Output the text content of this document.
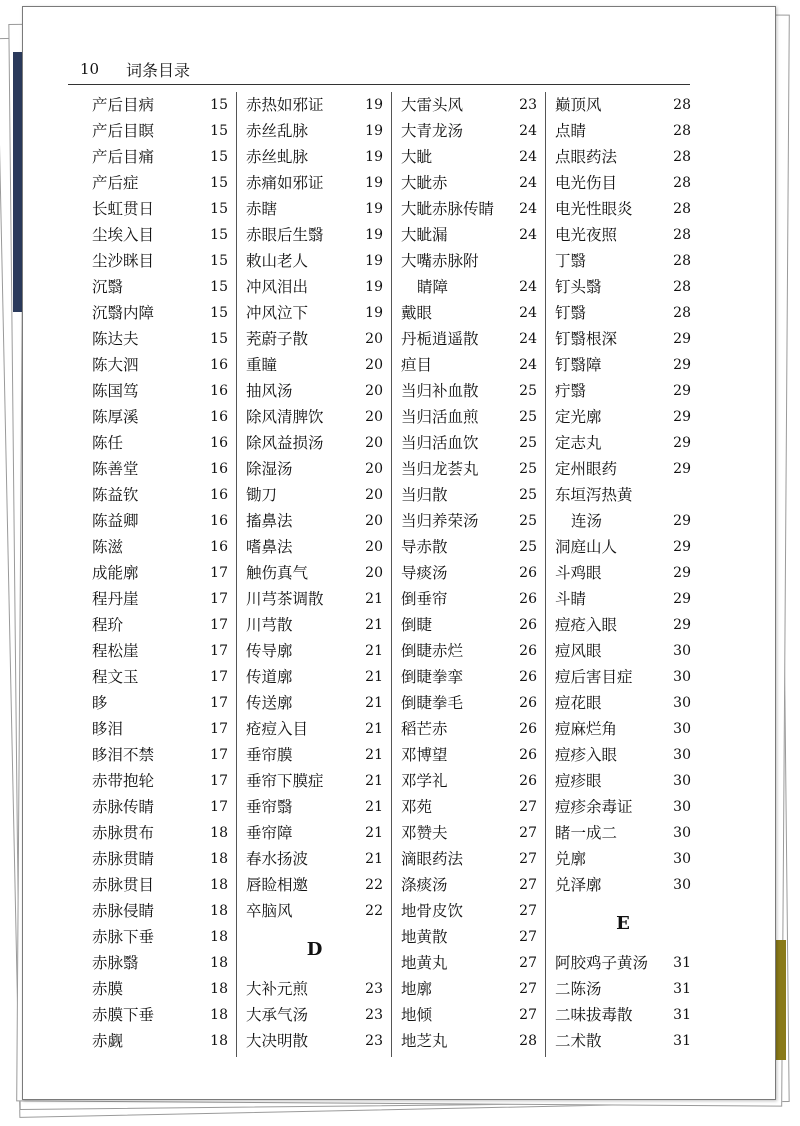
10 词条目录
产后目病	15
产后目瞑	15
产后目痛	15
产后症	15
长虹贯日	15
尘埃入目	15
尘沙眯目	15
沉翳	15
沉翳内障	15
陈达夫	15
陈大泗	16
陈国笃	16
陈厚溪	16
陈任	16
陈善堂	16
陈益钦	16
陈益卿	16
陈滋	16
成能廓	17
程丹崖	17
程玠	17
程松崖	17
程文玉	17
眵	17
眵泪	17
眵泪不禁	17
赤带抱轮	17
赤脉传睛	17
赤脉贯布	18
赤脉贯睛	18
赤脉贯目	18
赤脉侵睛	18
赤脉下垂	18
赤脉翳	18
赤膜	18
赤膜下垂	18
赤觑	18
赤热如邪证	19
赤丝乱脉	19
赤丝虬脉	19
赤痛如邪证	19
赤瞎	19
赤眼后生翳	19
敕山老人	19
冲风泪出	19
冲风泣下	19
茺蔚子散	20
重瞳	20
抽风汤	20
除风清脾饮	20
除风益损汤	20
除湿汤	20
锄刀	20
搐鼻法	20
嗜鼻法	20
触伤真气	20
川芎茶调散	21
川芎散	21
传导廓	21
传道廓	21
传送廓	21
疮痘入目	21
垂帘膜	21
垂帘下膜症	21
垂帘翳	21
垂帘障	21
春水扬波	21
唇睑相邀	22
卒脑风	22
D
大补元煎	23
大承气汤	23
大决明散	23
大雷头风	23
大青龙汤	24
大眦	24
大眦赤	24
大眦赤脉传睛 24
大眦漏	24
大嘴赤脉附
睛障	24
戴眼	24
丹栀逍遥散	24
疸目	24
当归补血散	25
当归活血煎	25
当归活血饮	25
当归龙荟丸	25
当归散	25
当归养荣汤	25
导赤散	25
导痰汤	26
倒垂帘	26
倒睫	26
倒睫赤烂	26
倒睫拳挛	26
倒睫拳毛	26
稻芒赤	26
邓博望	26
邓学礼	26
邓苑	27
邓赞夫	27
滴眼药法	27
涤痰汤	27
地骨皮饮	27
地黄散	27
地黄丸	27
地廓	27
地倾	27
地芝丸	28
巅顶风	28
点睛	28
点眼药法	28
电光伤目	28
电光性眼炎	28
电光夜照	28
丁翳	28
钉头翳	28
钉翳	28
钉翳根深	29
钉翳障	29
疔翳	29
定光廓	29
定志丸	29
定州眼药	29
东垣泻热黄
连汤	29
洞庭山人	29
斗鸡眼	29
斗睛	29
痘疮入眼	29
痘风眼	30
痘后害目症	30
痘花眼	30
痘麻烂角	30
痘疹入眼	30
痘疹眼	30
痘疹余毒证	30
睹一成二	30
兑廓	30
兑泽廓	30
E
阿胶鸡子黄汤 31
二陈汤	31
二味拔毒散	31
二术散	31
